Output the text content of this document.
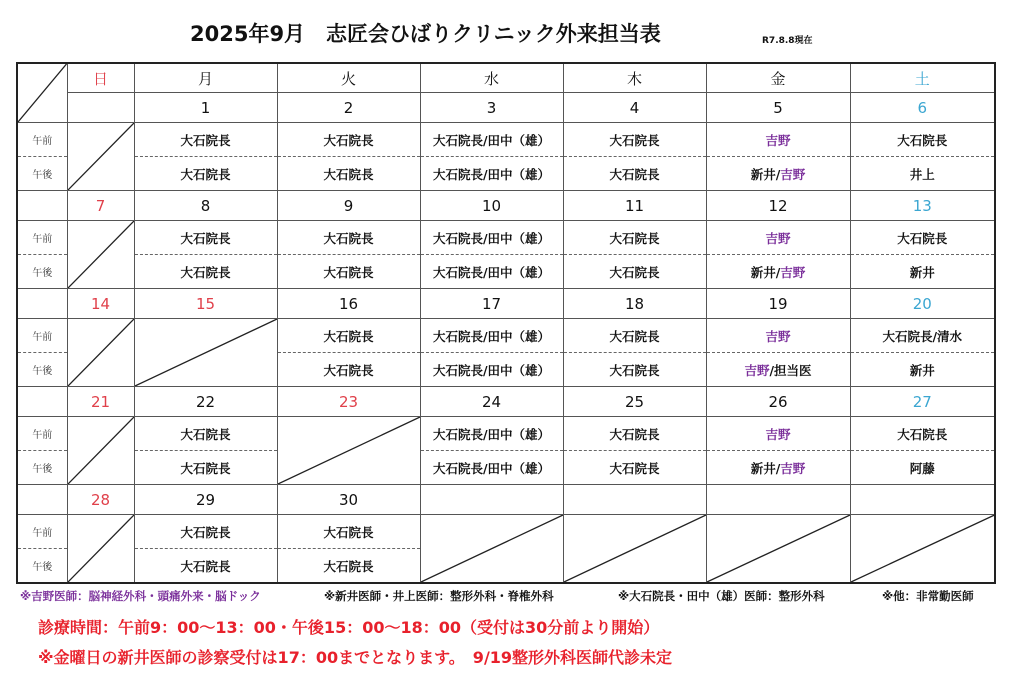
2025年9月　志匠会ひばりクリニック外来担当表	R7.8.8現在
	日	月	火	水	木	金	土
		1	2	3	4	5	6
午前		大石院長	大石院長	大石院長/田中（雄）	大石院長	吉野	大石院長
午後		大石院長	大石院長	大石院長/田中（雄）	大石院長	新井/吉野	井上
	7	8	9	10	11	12	13
午前		大石院長	大石院長	大石院長/田中（雄）	大石院長	吉野	大石院長
午後		大石院長	大石院長	大石院長/田中（雄）	大石院長	新井/吉野	新井
	14	15	16	17	18	19	20
午前			大石院長	大石院長/田中（雄）	大石院長	吉野	大石院長/清水
午後			大石院長	大石院長/田中（雄）	大石院長	吉野/担当医	新井
	21	22	23	24	25	26	27
午前		大石院長		大石院長/田中（雄）	大石院長	吉野	大石院長
午後		大石院長		大石院長/田中（雄）	大石院長	新井/吉野	阿藤
	28	29	30				
午前		大石院長	大石院長	

午後		大石院長	大石院長				
※吉野医師：脳神経外科・頭痛外来・脳ドック	※新井医師・井上医師：整形外科・脊椎外科	※大石院長・田中（雄）医師：整形外科	※他：非常勤医師
診療時間：午前9：00～13：00・午後15：00～18：00（受付は30分前より開始）
※金曜日の新井医師の診察受付は17：00までとなります。　9/19整形外科医師代診未定
